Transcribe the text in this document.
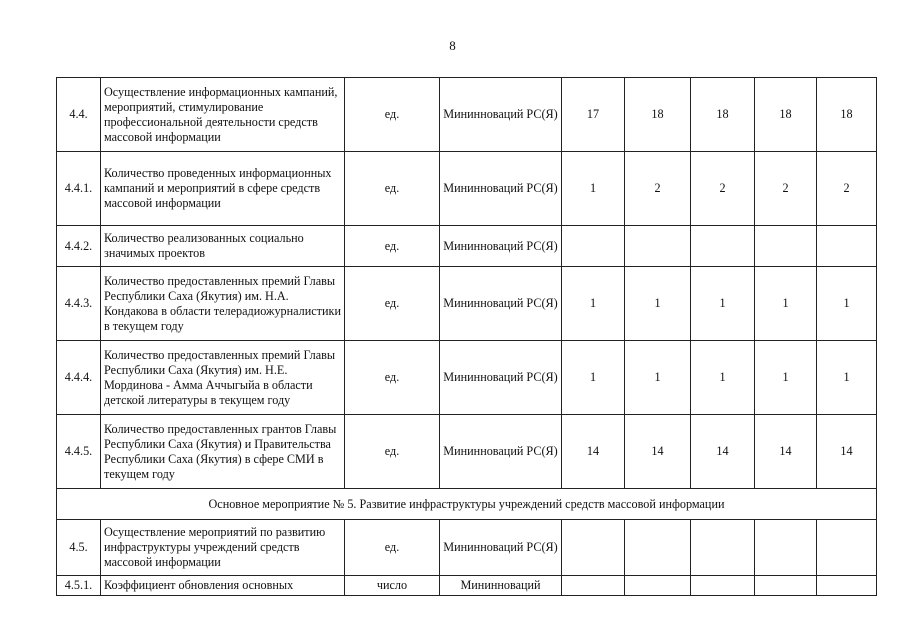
8
4.4.	Осуществление информационных кампаний, мероприятий, стимулирование профессиональной деятельности средств массовой информации	ед.	Мининноваций РС(Я)	17	18	18	18	18
4.4.1.	Количество проведенных информационных кампаний и мероприятий в сфере средств массовой информации	ед.	Мининноваций РС(Я)	1	2	2	2	2
4.4.2.	Количество реализованных социально значимых проектов	ед.	Мининноваций РС(Я)					
4.4.3.	Количество предоставленных премий Главы Республики Саха (Якутия) им. Н.А. Кондакова в области телерадиожурналистики в текущем году	ед.	Мининноваций РС(Я)	1	1	1	1	1
4.4.4.	Количество предоставленных премий Главы Республики Саха (Якутия) им. Н.Е. Мординова - Амма Аччыгыйа в области детской литературы в текущем году	ед.	Мининноваций РС(Я)	1	1	1	1	1
4.4.5.	Количество предоставленных грантов Главы Республики Саха (Якутия) и Правительства Республики Саха (Якутия) в сфере СМИ в текущем году	ед.	Мининноваций РС(Я)	14	14	14	14	14
Основное мероприятие № 5. Развитие инфраструктуры учреждений средств массовой информации								
4.5.	Осуществление мероприятий по развитию инфраструктуры учреждений средств массовой информации	ед.	Мининноваций РС(Я)					
4.5.1.	Коэффициент обновления основных	число	Мининноваций					
